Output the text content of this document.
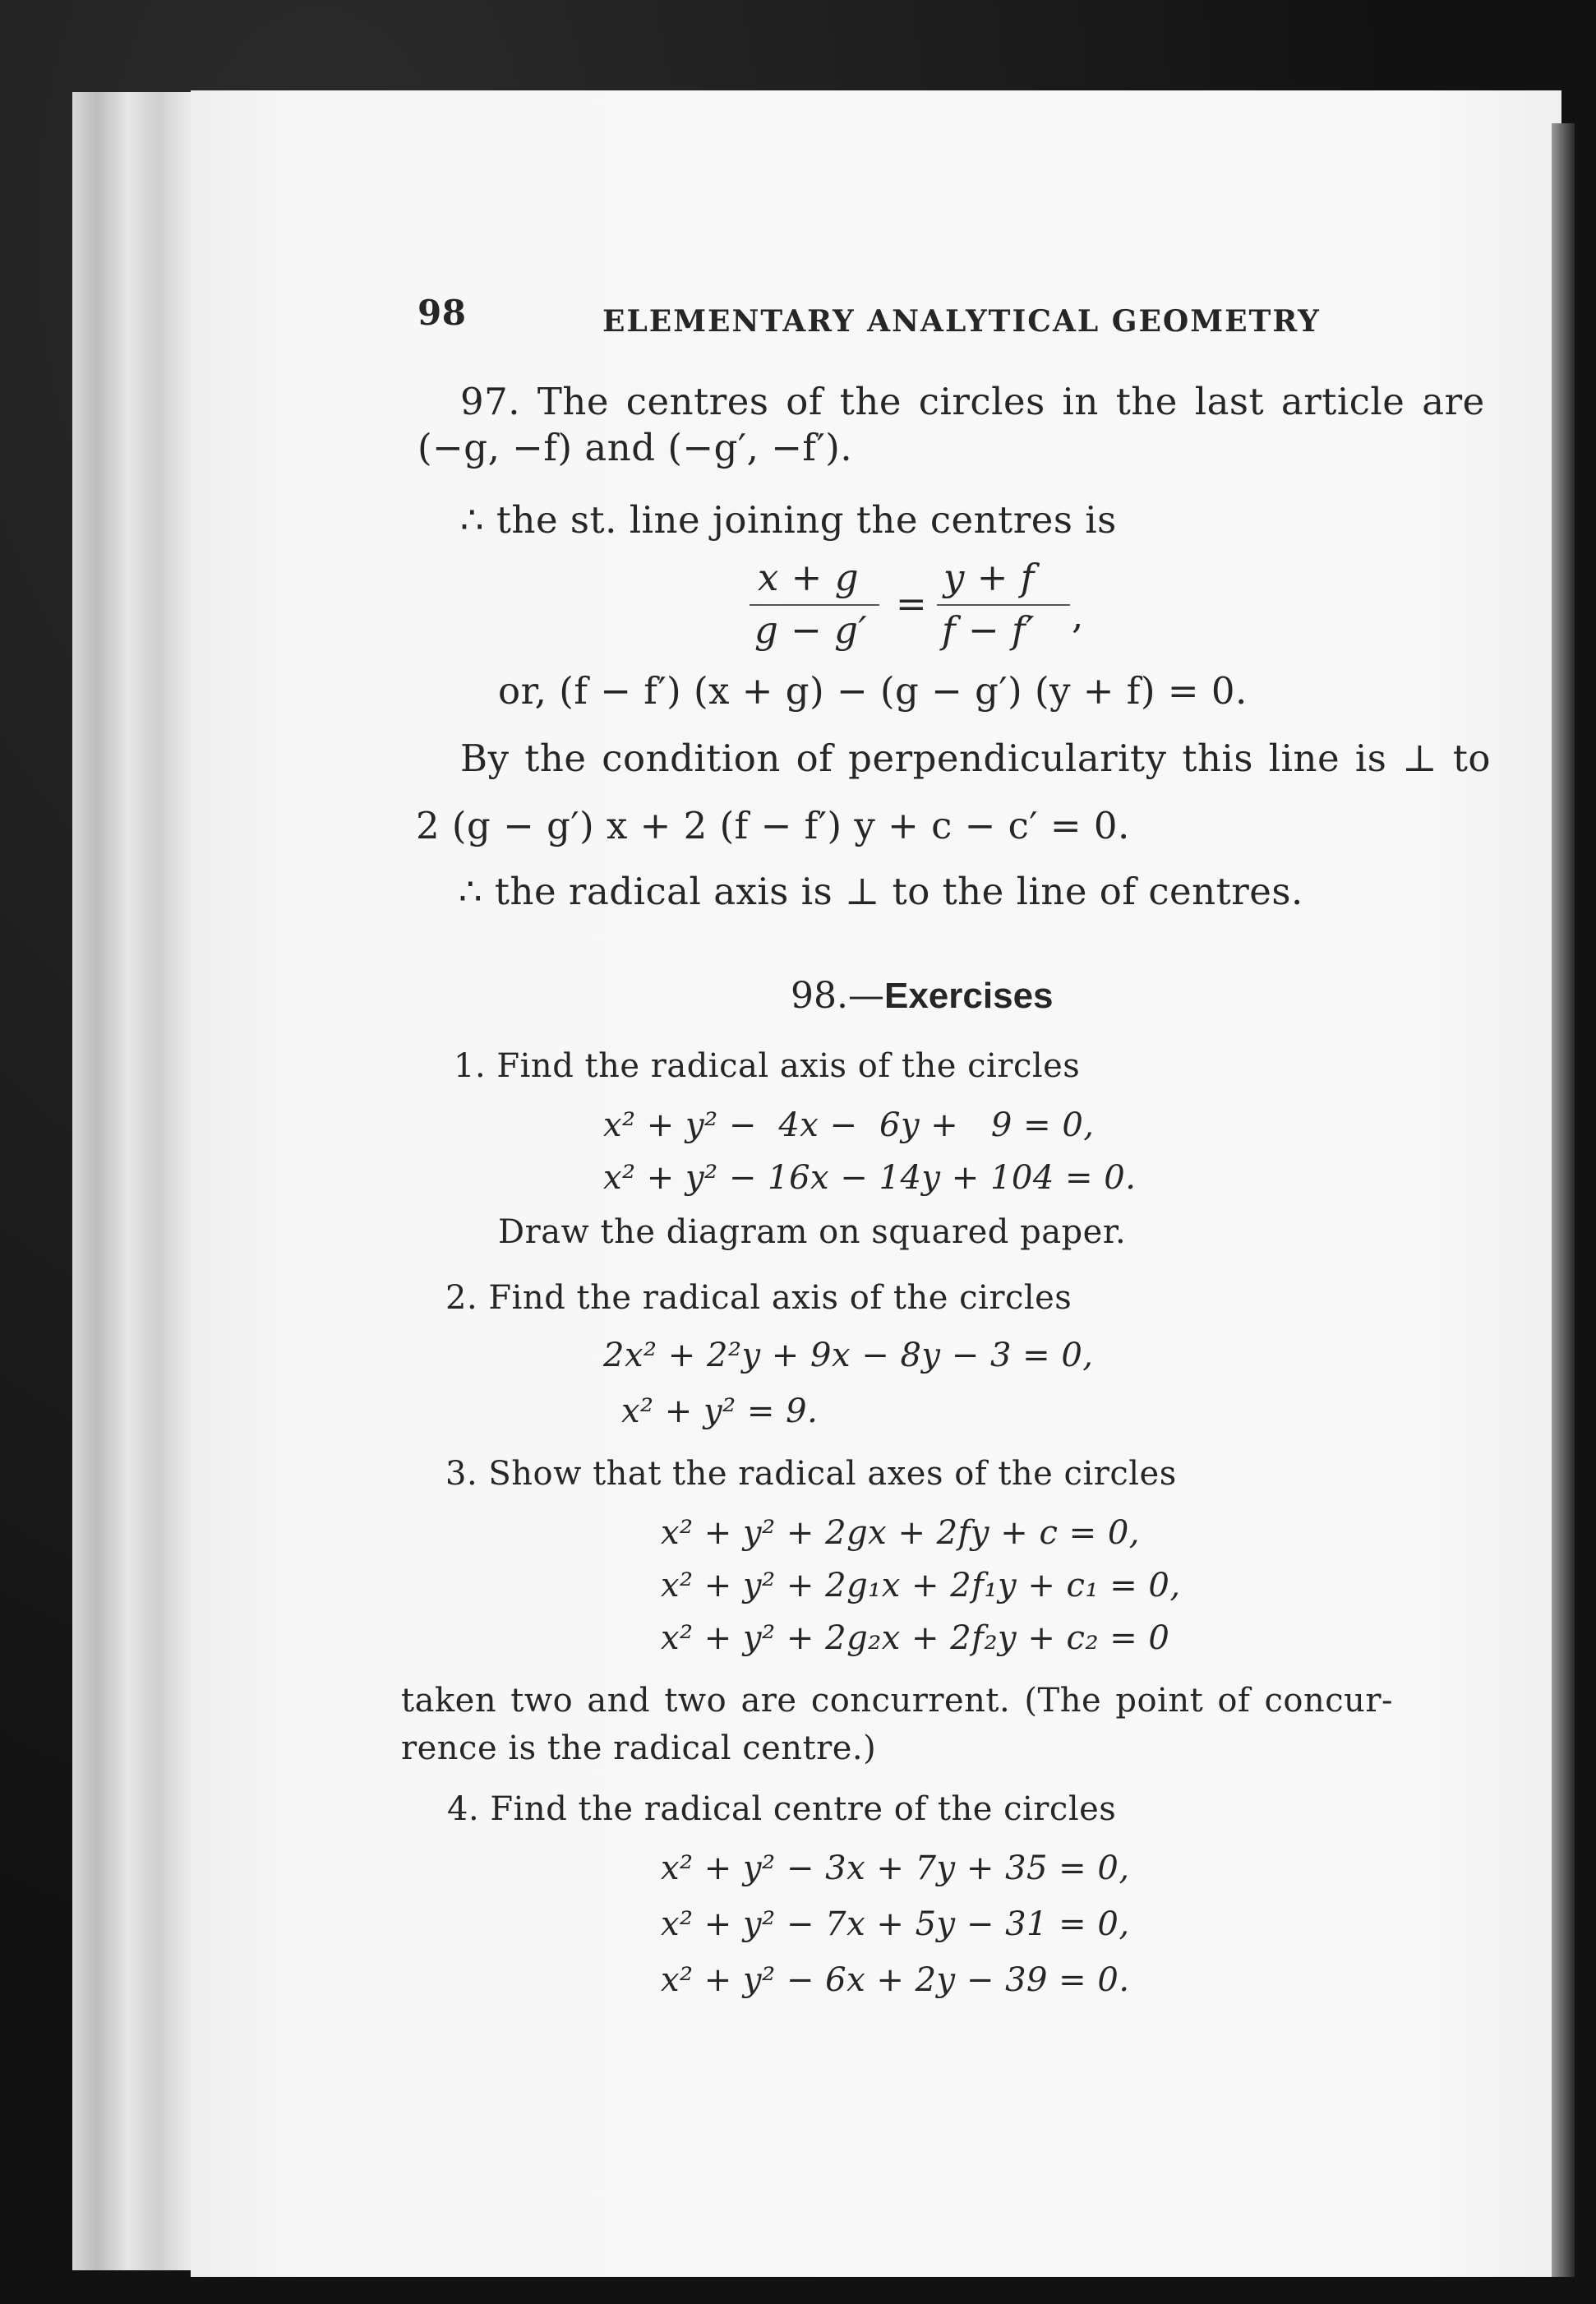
98	ELEMENTARY ANALYTICAL GEOMETRY
97. The centres of the circles in the last article are
(−g, −f) and (−g′, −f′).
∴ the st. line joining the centres is
x + g
g − g′
=
y + f
f − f′ ,
or, (f − f′) (x + g) − (g − g′) (y + f) = 0.
By the condition of perpendicularity this line is ⊥ to
2 (g − g′) x + 2 (f − f′) y + c − c′ = 0.
∴ the radical axis is ⊥ to the line of centres.
98.—Exercises
1. Find the radical axis of the circles
x² + y² −  4x −  6y +   9 = 0,
x² + y² − 16x − 14y + 104 = 0.
Draw the diagram on squared paper.
2. Find the radical axis of the circles
2x² + 2²y + 9x − 8y − 3 = 0,
x² + y² = 9.
3. Show that the radical axes of the circles
x² + y² + 2gx + 2fy + c = 0,
x² + y² + 2g₁x + 2f₁y + c₁ = 0,
x² + y² + 2g₂x + 2f₂y + c₂ = 0
taken two and two are concurrent. (The point of concur-
rence is the radical centre.)
4. Find the radical centre of the circles
x² + y² − 3x + 7y + 35 = 0,
x² + y² − 7x + 5y − 31 = 0,
x² + y² − 6x + 2y − 39 = 0.
